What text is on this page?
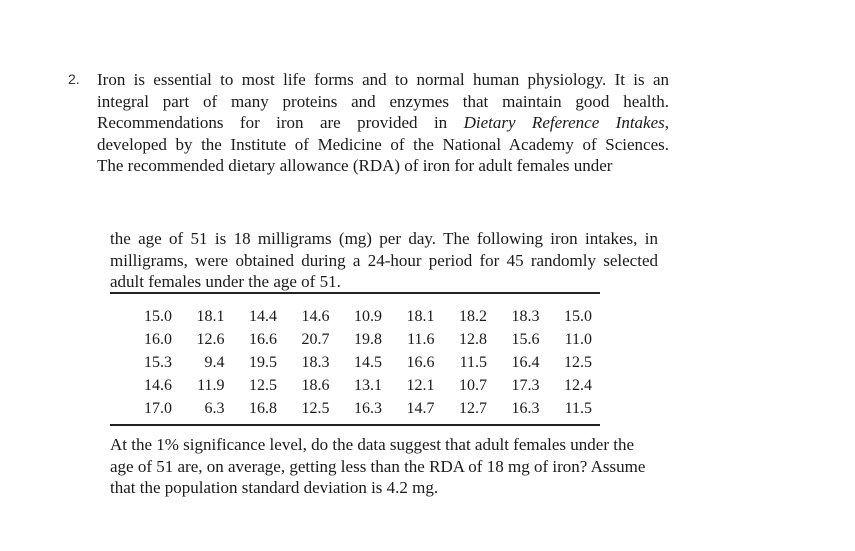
2. Iron is essential to most life forms and to normal human physiology. It is an
integral part of many proteins and enzymes that maintain good health.
Recommendations for iron are provided in Dietary Reference Intakes,
developed by the Institute of Medicine of the National Academy of Sciences.
The recommended dietary allowance (RDA) of iron for adult females under
the age of 51 is 18 milligrams (mg) per day. The following iron intakes, in
milligrams, were obtained during a 24-hour period for 45 randomly selected
adult females under the age of 51.
15.0	18.1	14.4	14.6	10.9	18.1	18.2	18.3	15.0
16.0	12.6	16.6	20.7	19.8	11.6	12.8	15.6	11.0
15.3	9.4	19.5	18.3	14.5	16.6	11.5	16.4	12.5
14.6	11.9	12.5	18.6	13.1	12.1	10.7	17.3	12.4
17.0	6.3	16.8	12.5	16.3	14.7	12.7	16.3	11.5
At the 1% significance level, do the data suggest that adult females under the
age of 51 are, on average, getting less than the RDA of 18 mg of iron? Assume
that the population standard deviation is 4.2 mg.
